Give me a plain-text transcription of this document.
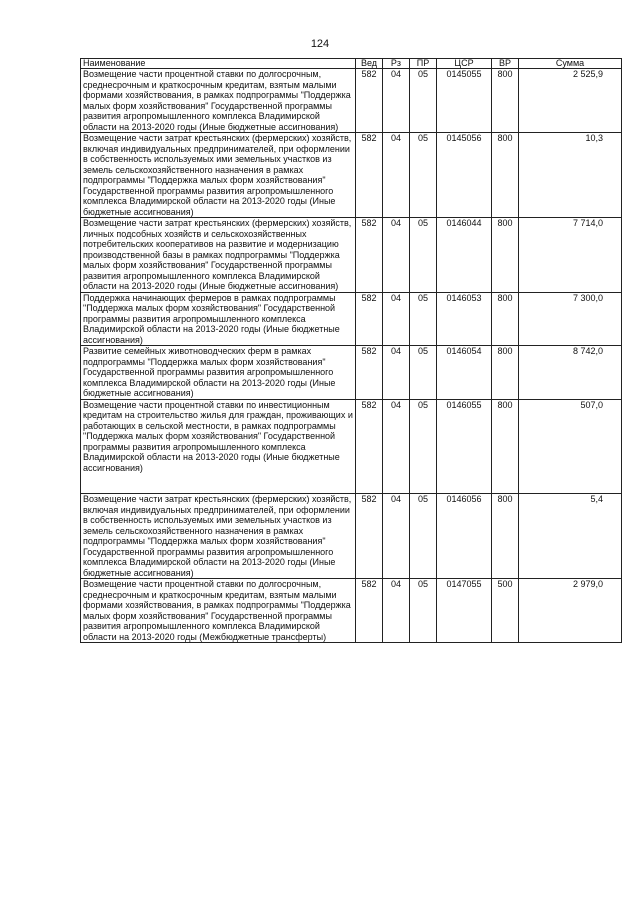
124
Наименование	Вед	Рз	ПР	ЦСР	ВР	Сумма
Возмещение части процентной ставки по долгосрочным, среднесрочным и краткосрочным кредитам, взятым малыми формами хозяйствования, в рамках подпрограммы "Поддержка малых форм хозяйствования" Государственной программы развития агропромышленного комплекса Владимирской области на 2013-2020 годы (Иные бюджетные ассигнования)	582	04	05	0145055	800	2 525,9
Возмещение части затрат крестьянских (фермерских) хозяйств, включая индивидуальных предпринимателей, при оформлении в собственность используемых ими земельных участков из земель сельскохозяйственного назначения в рамках подпрограммы "Поддержка малых форм хозяйствования" Государственной программы развития агропромышленного комплекса Владимирской области на 2013-2020 годы (Иные бюджетные ассигнования)	582	04	05	0145056	800	10,3
Возмещение части затрат крестьянских (фермерских) хозяйств, личных подсобных хозяйств и сельскохозяйственных потребительских кооперативов на развитие и модернизацию производственной базы в рамках подпрограммы "Поддержка малых форм хозяйствования" Государственной программы развития агропромышленного комплекса Владимирской области на 2013-2020 годы (Иные бюджетные ассигнования)	582	04	05	0146044	800	7 714,0
Поддержка начинающих фермеров в рамках подпрограммы "Поддержка малых форм хозяйствования" Государственной программы развития агропромышленного комплекса Владимирской области на 2013-2020 годы (Иные бюджетные ассигнования)	582	04	05	0146053	800	7 300,0
Развитие семейных животноводческих ферм в рамках подпрограммы "Поддержка малых форм хозяйствования" Государственной программы развития агропромышленного комплекса Владимирской области на 2013-2020 годы (Иные бюджетные ассигнования)	582	04	05	0146054	800	8 742,0
Возмещение части процентной ставки по инвестиционным кредитам на строительство жилья для граждан, проживающих и работающих в сельской местности, в рамках подпрограммы "Поддержка малых форм хозяйствования" Государственной программы развития агропромышленного комплекса Владимирской области на 2013-2020 годы (Иные бюджетные ассигнования)	582	04	05	0146055	800	507,0
Возмещение части затрат крестьянских (фермерских) хозяйств, включая индивидуальных предпринимателей, при оформлении в собственность используемых ими земельных участков из земель сельскохозяйственного назначения в рамках подпрограммы "Поддержка малых форм хозяйствования" Государственной программы развития агропромышленного комплекса Владимирской области на 2013-2020 годы (Иные бюджетные ассигнования)	582	04	05	0146056	800	5,4
Возмещение части процентной ставки по долгосрочным, среднесрочным и краткосрочным кредитам, взятым малыми формами хозяйствования, в рамках подпрограммы "Поддержка малых форм хозяйствования" Государственной программы развития агропромышленного комплекса Владимирской области на 2013-2020 годы (Межбюджетные трансферты)	582	04	05	0147055	500	2 979,0
